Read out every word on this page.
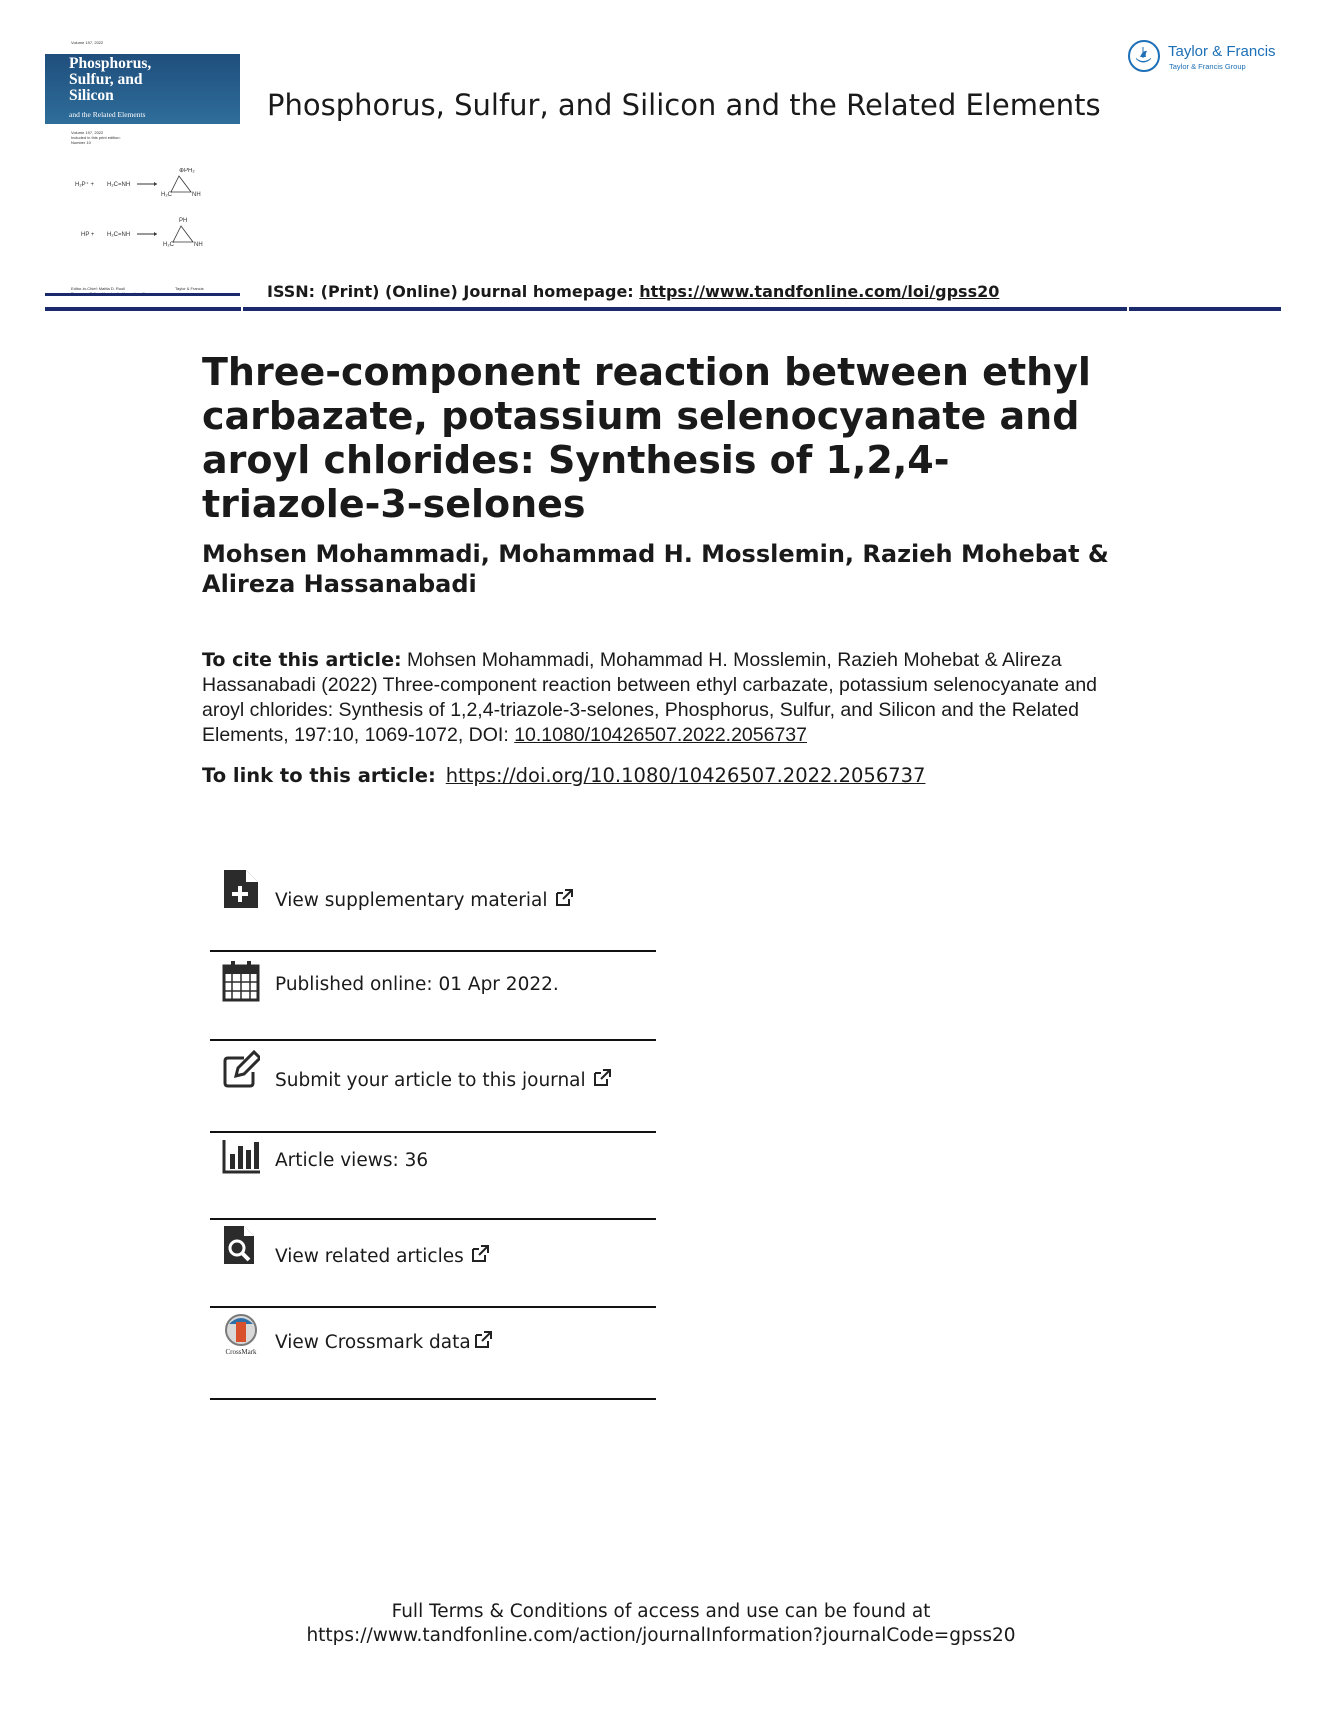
Volume 197, 2022
Phosphorus,
Sulfur, and
Silicon
and the Related Elements
Volume 197, 2022
Included in this print edition:
Number 10
H₂P⁺ + H₂C=NH
⊕PH₂
H₂C	NH
HP + H₂C=NH
PH
H₂C	NH
Editor-in-Chief: Mattia D. Ruoli	Taylor & Francis
Phosphorus, Sulfur, and Silicon and the Related Elements
Taylor & Francis
Taylor & Francis Group
ISSN: (Print) (Online) Journal homepage: https://www.tandfonline.com/loi/gpss20
Three-component reaction between ethyl carbazate, potassium selenocyanate and aroyl chlorides: Synthesis of 1,2,4-triazole-3-selones
Mohsen Mohammadi, Mohammad H. Mosslemin, Razieh Mohebat & Alireza Hassanabadi
To cite this article: Mohsen Mohammadi, Mohammad H. Mosslemin, Razieh Mohebat & Alireza Hassanabadi (2022) Three-component reaction between ethyl carbazate, potassium selenocyanate and aroyl chlorides: Synthesis of 1,2,4-triazole-3-selones, Phosphorus, Sulfur, and Silicon and the Related Elements, 197:10, 1069-1072, DOI: 10.1080/10426507.2022.2056737
To link to this article: https://doi.org/10.1080/10426507.2022.2056737
View supplementary material
Published online: 01 Apr 2022.
Submit your article to this journal
Article views: 36
View related articles
CrossMark View Crossmark data
Full Terms & Conditions of access and use can be found at
https://www.tandfonline.com/action/journalInformation?journalCode=gpss20
